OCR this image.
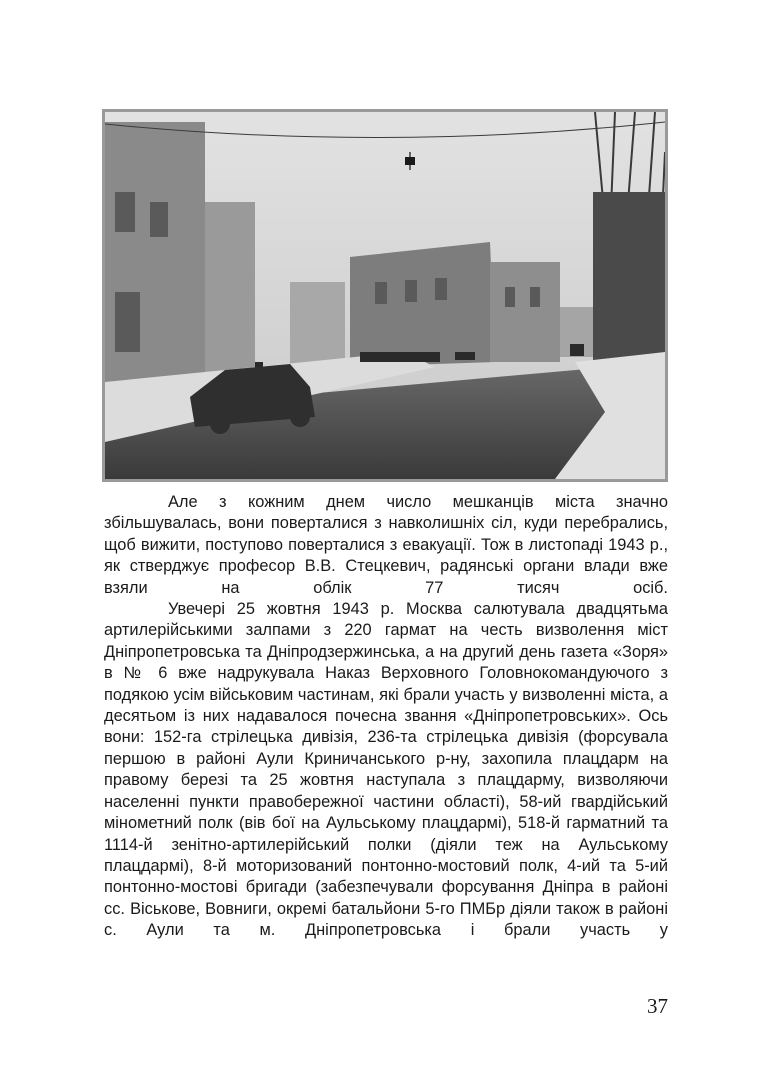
Але з кожним днем число мешканців міста значно збільшувалась, вони поверталися з навколишніх сіл, куди перебрались, щоб вижити, поступово поверталися з евакуації. Тож в листопаді 1943 р., як стверджує професор В.В. Стецкевич, радянські органи влади вже взяли на облік 77 тисяч осіб.

Увечері 25 жовтня 1943 р. Москва салютувала двадцятьма артилерійськими залпами з 220 гармат на честь визволення міст Дніпропетровська та Дніпродзержинська, а на другий день газета «Зоря» в № 6 вже надрукувала Наказ Верховного Головнокомандуючого з подякою усім військовим частинам, які брали участь у визволенні міста, а десятьом із них надавалося почесна звання «Дніпропетровських». Ось вони: 152-га стрілецька дивізія, 236-та стрілецька дивізія (форсувала першою в районі Аули Криничанського р-ну, захопила плацдарм на правому березі та 25 жовтня наступала з плацдарму, визволяючи населенні пункти правобережної частини області), 58-ий гвардійський мінометний полк (вів бої на Аульському плацдармі), 518-й гарматний та 1114-й зенітно-артилерійський полки (діяли теж на Аульському плацдармі), 8-й моторизований понтонно-мостовий полк, 4-ий та 5-ий понтонно-мостові бригади (забезпечували форсування Дніпра в районі сс. Віськове, Вовниги, окремі батальйони 5-го ПМБр діяли також в районі с. Аули та м. Дніпропетровська і брали участь у

37
